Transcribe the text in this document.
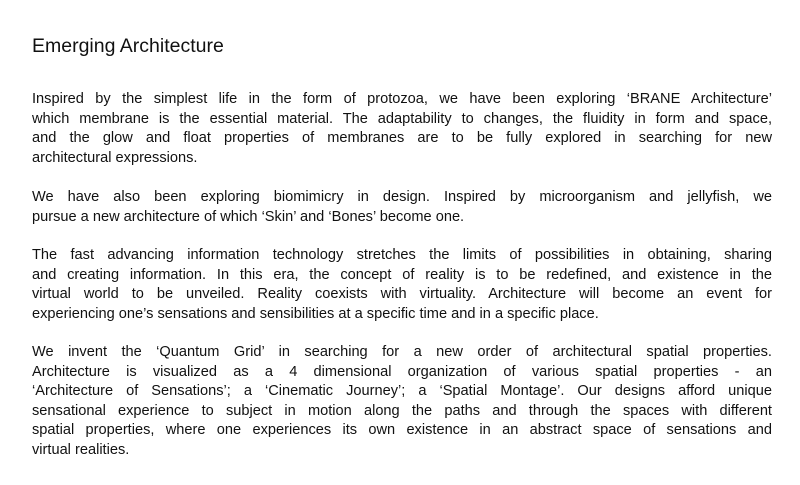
Emerging Architecture

Inspired by the simplest life in the form of protozoa, we have been exploring ‘BRANE Architecture’
which membrane is the essential material. The adaptability to changes, the fluidity in form and space,
and the glow and float properties of membranes are to be fully explored in searching for new
architectural expressions.

We have also been exploring biomimicry in design. Inspired by microorganism and jellyfish, we
pursue a new architecture of which ‘Skin’ and ‘Bones’ become one.

The fast advancing information technology stretches the limits of possibilities in obtaining, sharing
and creating information. In this era, the concept of reality is to be redefined, and existence in the
virtual world to be unveiled. Reality coexists with virtuality. Architecture will become an event for
experiencing one’s sensations and sensibilities at a specific time and in a specific place.

We invent the ‘Quantum Grid’ in searching for a new order of architectural spatial properties.
Architecture is visualized as a 4 dimensional organization of various spatial properties - an
‘Architecture of Sensations’; a ‘Cinematic Journey’; a ‘Spatial Montage’. Our designs afford unique
sensational experience to subject in motion along the paths and through the spaces with different
spatial properties, where one experiences its own existence in an abstract space of sensations and
virtual realities.
